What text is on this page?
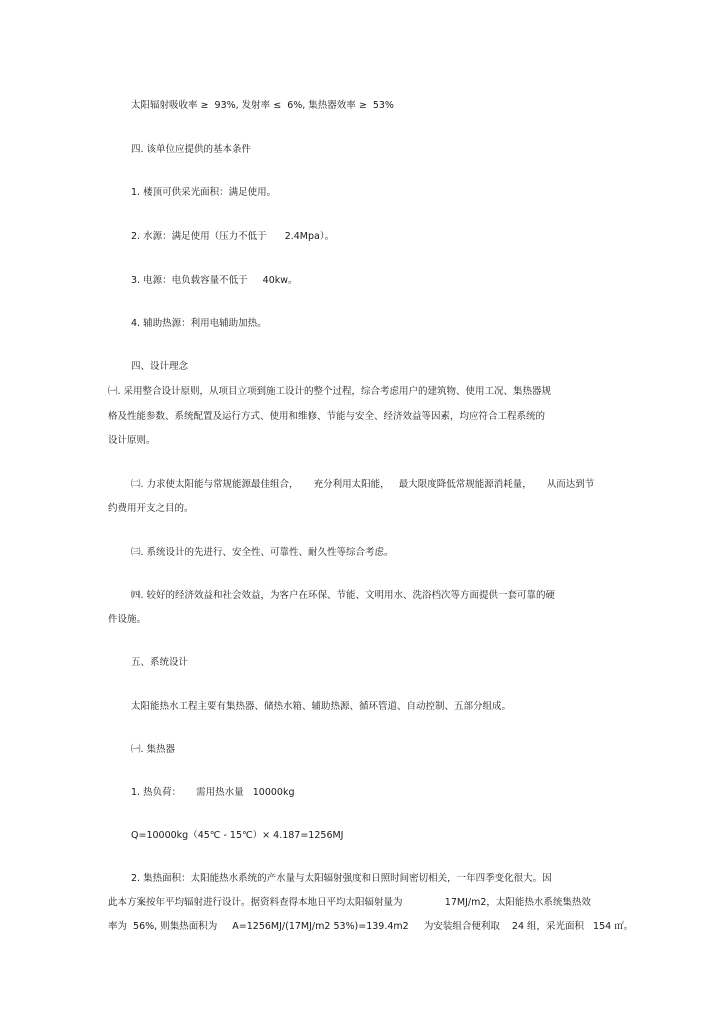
太阳辐射吸收率 ≥  93%, 发射率 ≤  6%, 集热器效率 ≥  53%

四. 该单位应提供的基本条件

1. 楼顶可供采光面积：满足使用。

2. 水源：满足使用（压力不低于      2.4Mpa）。

3. 电源：电负载容量不低于     40kw。

4. 辅助热源：利用电辅助加热。

四、设计理念

㈠. 采用整合设计原则，从项目立项到施工设计的整个过程，综合考虑用户的建筑物、使用工况、集热器规

格及性能参数、系统配置及运行方式、使用和维修、节能与安全、经济效益等因素，均应符合工程系统的

设计原则。

㈡. 力求使太阳能与常规能源最佳组合，     充分利用太阳能，   最大限度降低常规能源消耗量，     从而达到节

约费用开支之目的。

㈢. 系统设计的先进行、安全性、可靠性、耐久性等综合考虑。

㈣. 较好的经济效益和社会效益，为客户在环保、节能、文明用水、洗浴档次等方面提供一套可靠的硬

件设施。

五、系统设计

太阳能热水工程主要有集热器、储热水箱、辅助热源、循环管道、自动控制、五部分组成。

㈠. 集热器

1. 热负荷：     需用热水量   10000kg

Q=10000kg（45℃ - 15℃）× 4.187=1256MJ

2. 集热面积：太阳能热水系统的产水量与太阳辐射强度和日照时间密切相关，一年四季变化很大。因

此本方案按年平均辐射进行设计。据资料查得本地日平均太阳辐射量为              17MJ/m2，太阳能热水系统集热效

率为  56%, 则集热面积为     A=1256MJ/(17MJ/m2 53%)=139.4m2     为安装组合便利取    24 组，采光面积   154 ㎡。
